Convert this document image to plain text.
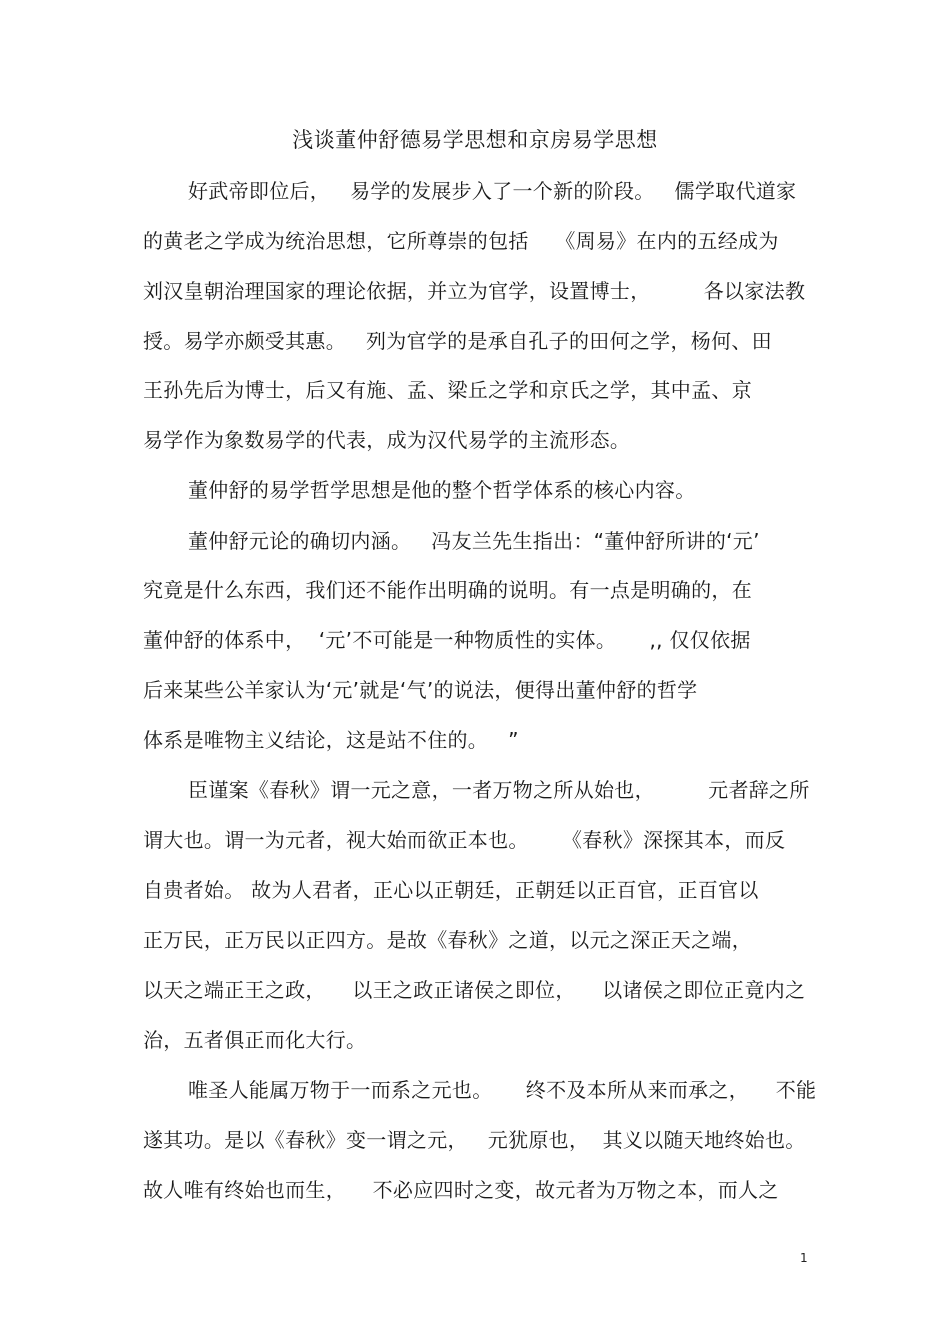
浅谈董仲舒德易学思想和京房易学思想
好武帝即位后，   易学的发展步入了一个新的阶段。   儒学取代道家
的黄老之学成为统治思想，它所尊崇的包括    《周易》在内的五经成为
刘汉皇朝治理国家的理论依据，并立为官学，设置博士，        各以家法教
授。易学亦颇受其惠。   列为官学的是承自孔子的田何之学，杨何、田
王孙先后为博士，后又有施、孟、梁丘之学和京氏之学，其中孟、京
易学作为象数易学的代表，成为汉代易学的主流形态。
董仲舒的易学哲学思想是他的整个哲学体系的核心内容。
董仲舒元论的确切内涵。   冯友兰先生指出：“董仲舒所讲的‘元’
究竟是什么东西，我们还不能作出明确的说明。有一点是明确的，在
董仲舒的体系中，  ‘元’不可能是一种物质性的实体。     ,, 仅仅依据
后来某些公羊家认为‘元’就是‘气’的说法，便得出董仲舒的哲学
体系是唯物主义结论，这是站不住的。   ”
臣谨案《春秋》谓一元之意，一者万物之所从始也，        元者辞之所
谓大也。谓一为元者，视大始而欲正本也。     《春秋》深探其本，而反
自贵者始。 故为人君者，正心以正朝廷，正朝廷以正百官，正百官以
正万民，正万民以正四方。是故《春秋》之道，以元之深正天之端，
以天之端正王之政，    以王之政正诸侯之即位，    以诸侯之即位正竟内之
治，五者俱正而化大行。
唯圣人能属万物于一而系之元也。     终不及本所从来而承之，    不能
遂其功。是以《春秋》变一谓之元，   元犹原也，  其义以随天地终始也。
故人唯有终始也而生，    不必应四时之变，故元者为万物之本，而人之
1
